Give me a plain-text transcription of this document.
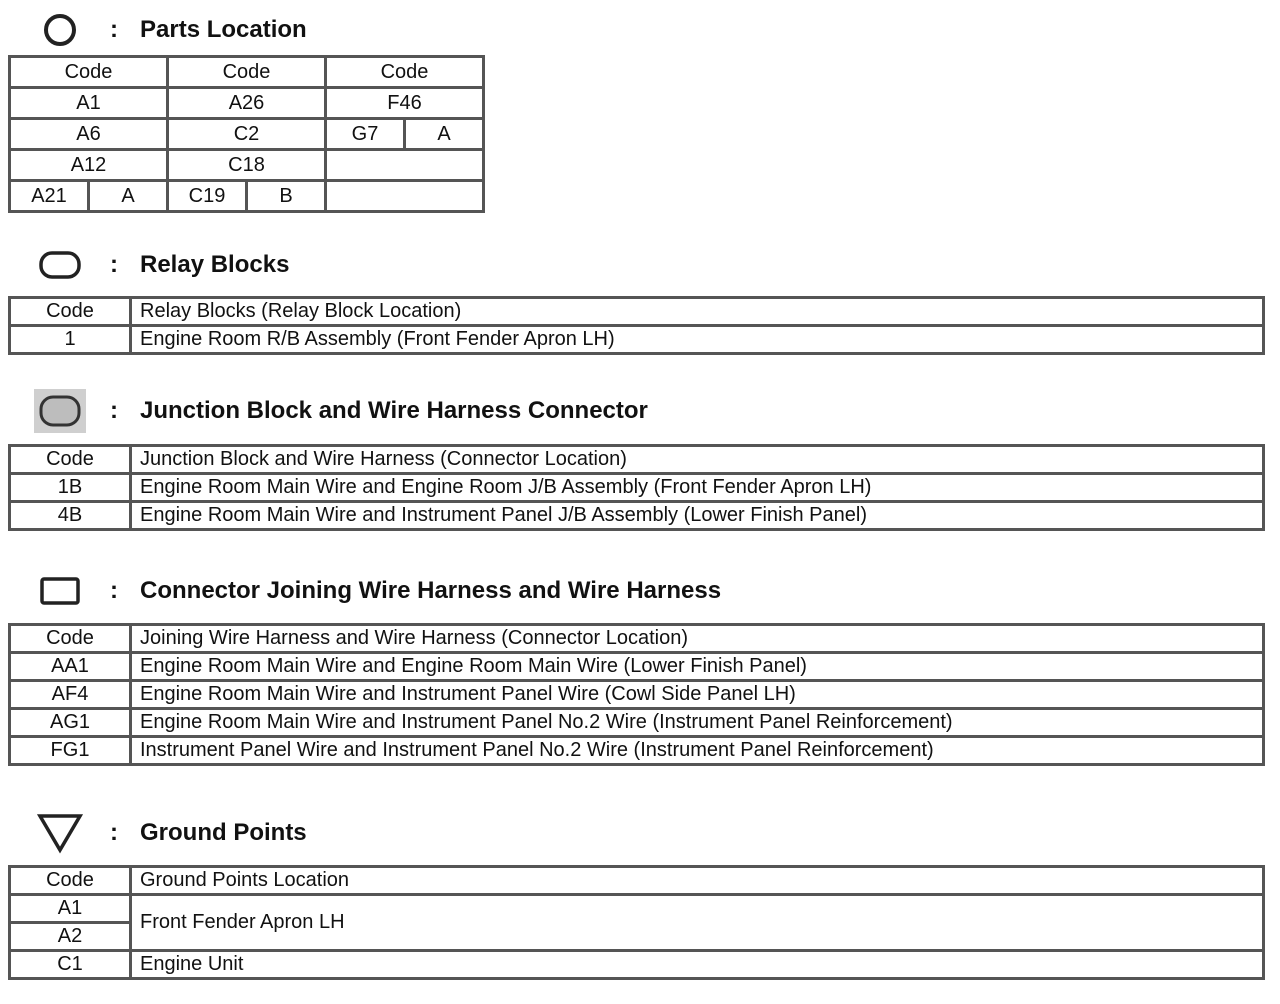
: Parts Location
Code		Code		Code	
A1		A26		F46	
A6		C2		G7	A
A12		C18			
A21	A	C19	B		
: Relay Blocks
Code	Relay Blocks (Relay Block Location)
1	Engine Room R/B Assembly (Front Fender Apron LH)
: Junction Block and Wire Harness Connector
Code	Junction Block and Wire Harness (Connector Location)
1B	Engine Room Main Wire and Engine Room J/B Assembly (Front Fender Apron LH)
4B	Engine Room Main Wire and Instrument Panel J/B Assembly (Lower Finish Panel)
: Connector Joining Wire Harness and Wire Harness
Code	Joining Wire Harness and Wire Harness (Connector Location)
AA1	Engine Room Main Wire and Engine Room Main Wire (Lower Finish Panel)
AF4	Engine Room Main Wire and Instrument Panel Wire (Cowl Side Panel LH)
AG1	Engine Room Main Wire and Instrument Panel No.2 Wire (Instrument Panel Reinforcement)
FG1	Instrument Panel Wire and Instrument Panel No.2 Wire (Instrument Panel Reinforcement)
: Ground Points
Code	Ground Points Location
A1	Front Fender Apron LH
A2	
C1	Engine Unit
